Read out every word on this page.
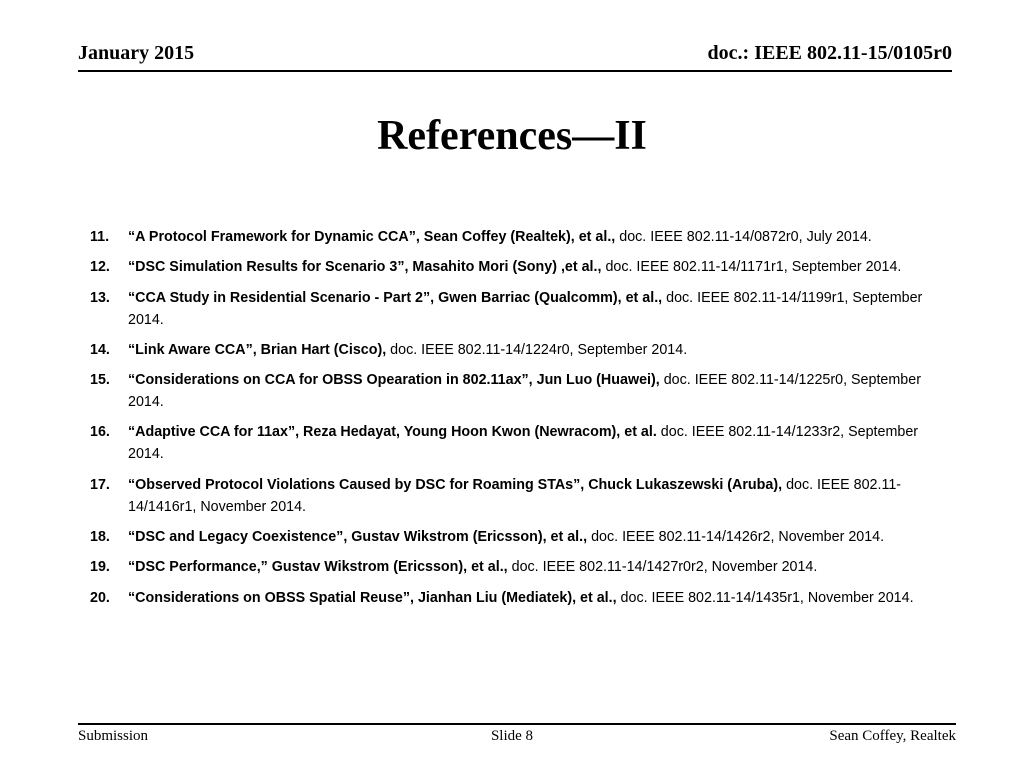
January 2015	doc.: IEEE 802.11-15/0105r0
References—II
11.	“A Protocol Framework for Dynamic CCA”, Sean Coffey (Realtek), et al., doc. IEEE 802.11-14/0872r0, July 2014.
12.	“DSC Simulation Results for Scenario 3”, Masahito Mori (Sony) ,et al., doc. IEEE 802.11-14/1171r1, September 2014.
13.	“CCA Study in Residential Scenario - Part 2”, Gwen Barriac (Qualcomm), et al., doc. IEEE 802.11-14/1199r1, September 2014.
14.	“Link Aware CCA”, Brian Hart (Cisco), doc. IEEE 802.11-14/1224r0, September 2014.
15.	“Considerations on CCA for OBSS Opearation in 802.11ax”, Jun Luo (Huawei), doc. IEEE 802.11-14/1225r0, September 2014.
16.	“Adaptive CCA for 11ax”, Reza Hedayat, Young Hoon Kwon (Newracom), et al. doc. IEEE 802.11-14/1233r2, September 2014.
17.	“Observed Protocol Violations Caused by DSC for Roaming STAs”, Chuck Lukaszewski (Aruba), doc. IEEE 802.11-14/1416r1, November 2014.
18.	“DSC and Legacy Coexistence”, Gustav Wikstrom (Ericsson), et al., doc. IEEE 802.11-14/1426r2, November 2014.
19.	“DSC Performance,” Gustav Wikstrom (Ericsson), et al., doc. IEEE 802.11-14/1427r0r2, November 2014.
20.	“Considerations on OBSS Spatial Reuse”, Jianhan Liu (Mediatek), et al., doc. IEEE 802.11-14/1435r1, November 2014.
Submission	Slide 8	Sean Coffey, Realtek
